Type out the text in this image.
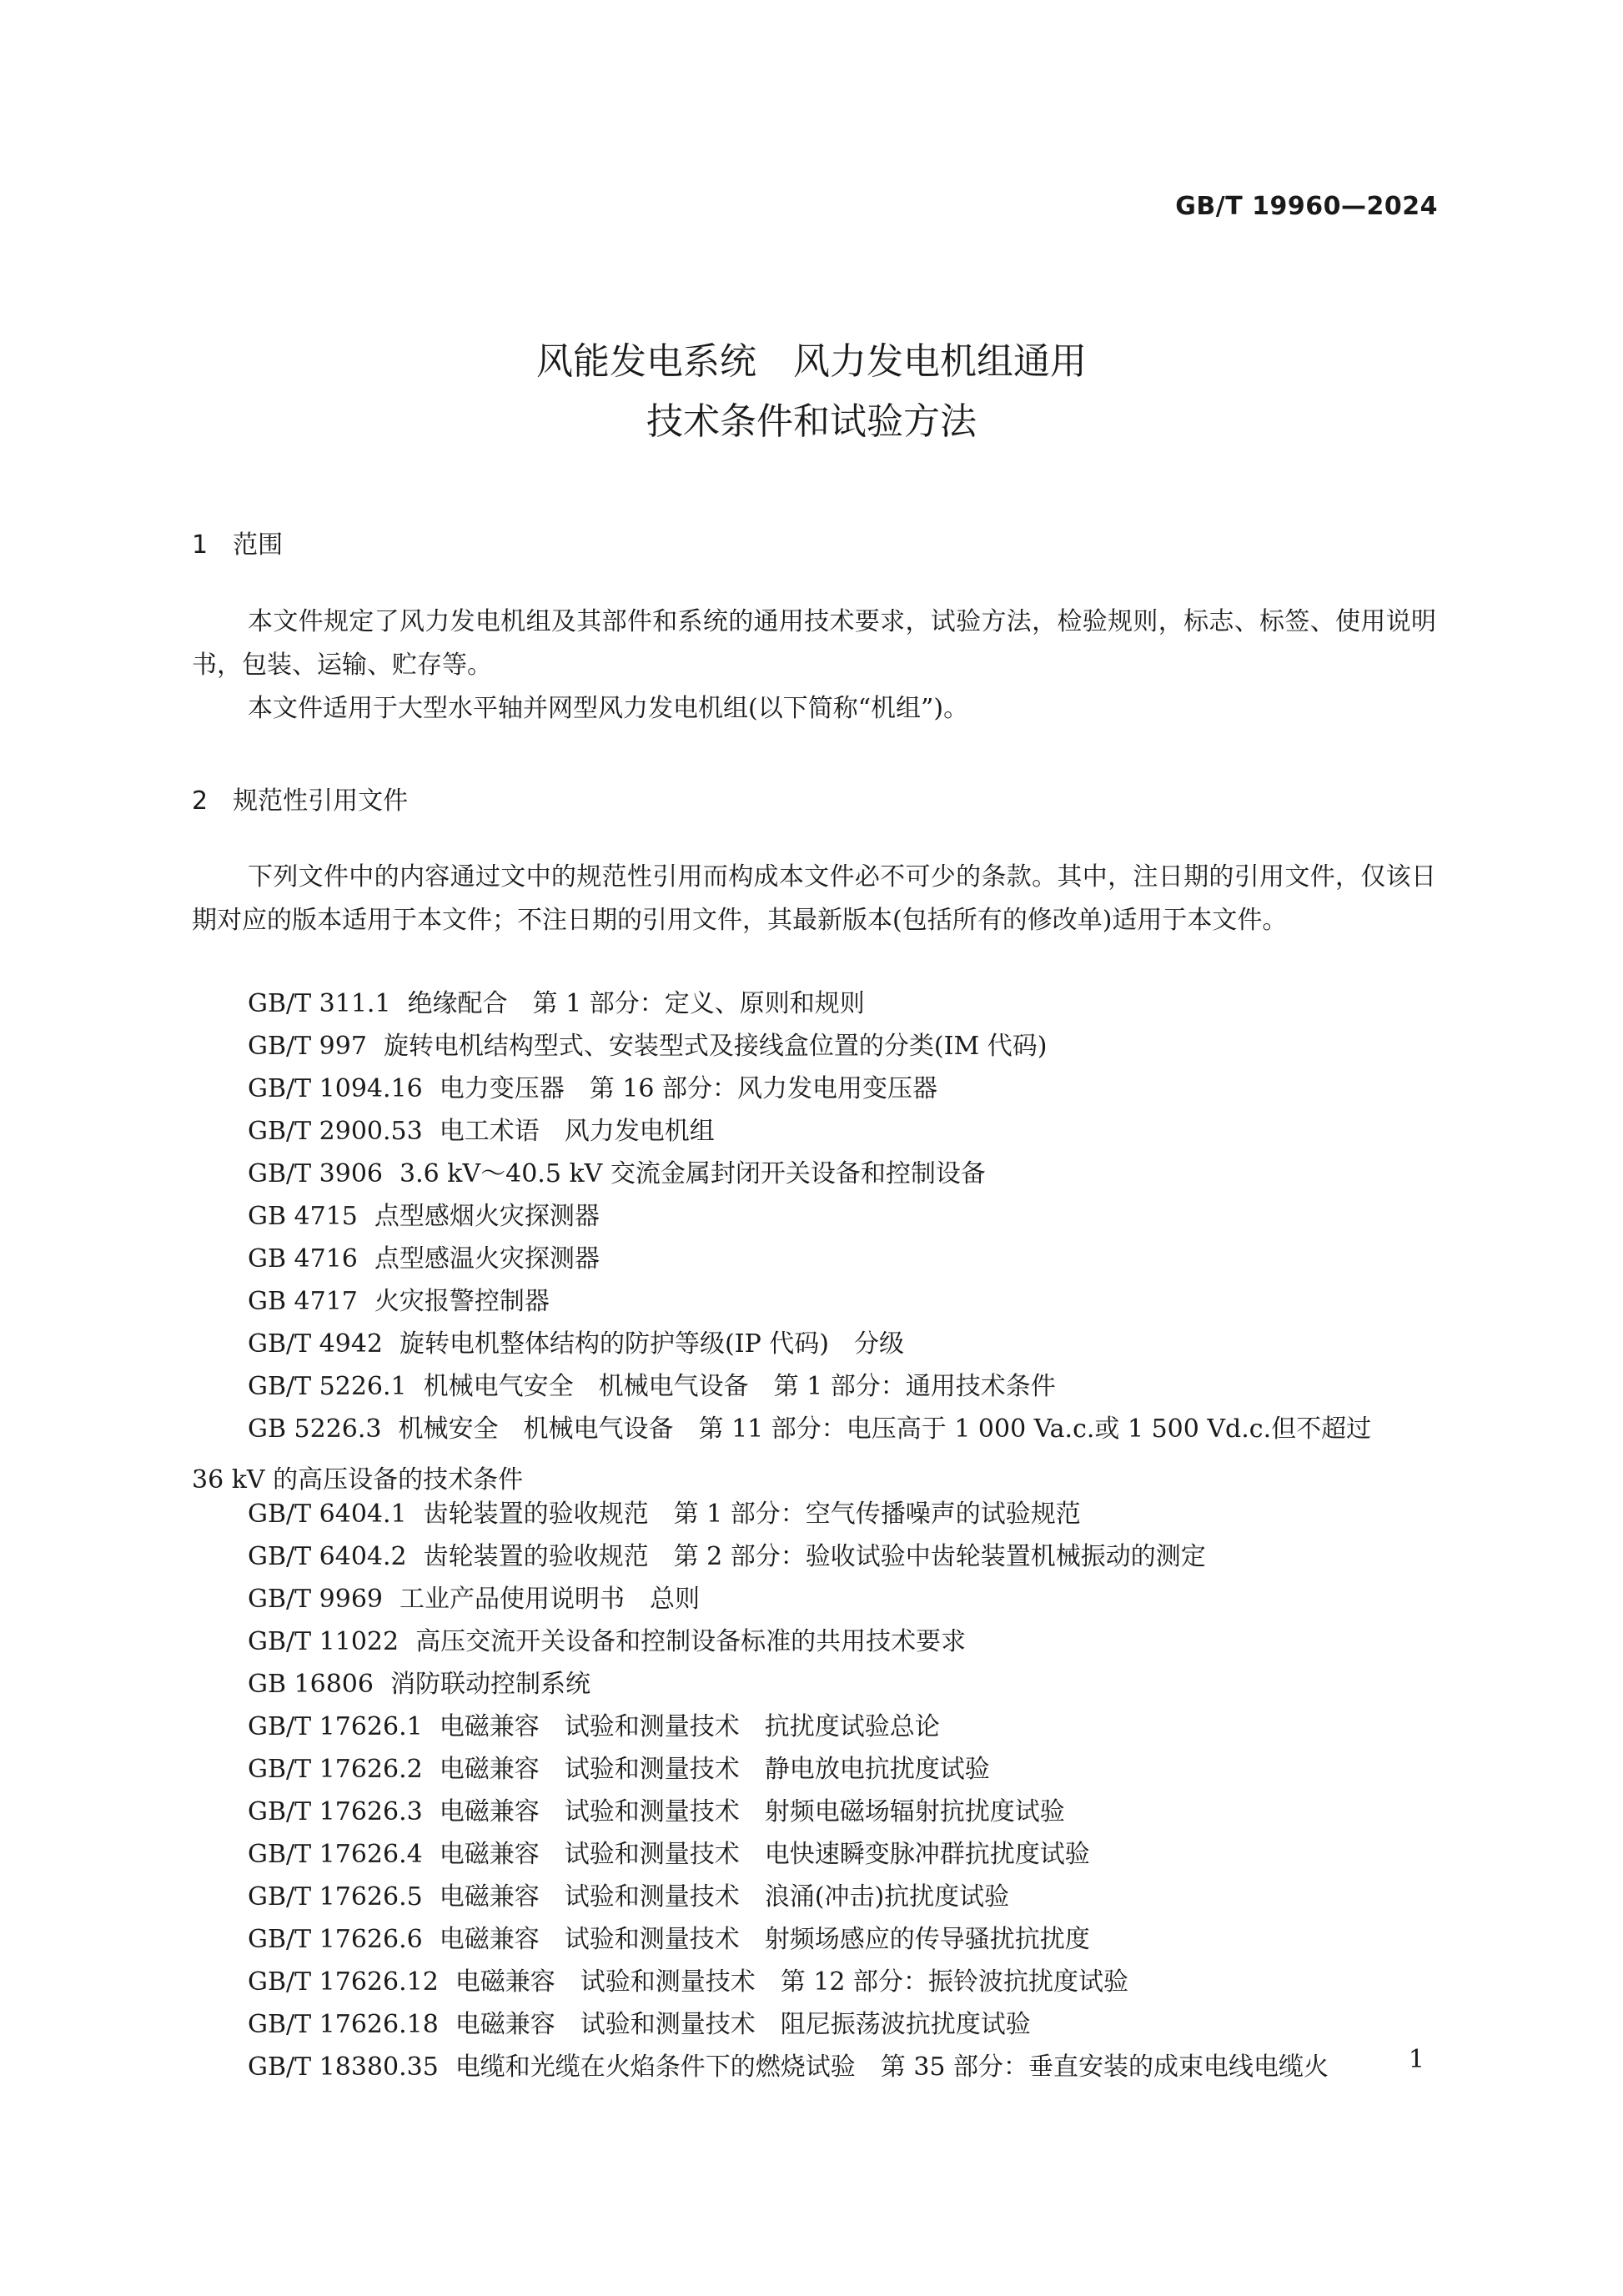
GB/T 19960—2024
风能发电系统　风力发电机组通用
技术条件和试验方法
1　范围
本文件规定了风力发电机组及其部件和系统的通用技术要求，试验方法，检验规则，标志、标签、使用说明书，包装、运输、贮存等。
本文件适用于大型水平轴并网型风力发电机组(以下简称“机组”)。
2　规范性引用文件
下列文件中的内容通过文中的规范性引用而构成本文件必不可少的条款。其中，注日期的引用文件，仅该日期对应的版本适用于本文件；不注日期的引用文件，其最新版本(包括所有的修改单)适用于本文件。
GB/T 311.1 绝缘配合　第 1 部分：定义、原则和规则
GB/T 997 旋转电机结构型式、安装型式及接线盒位置的分类(IM 代码)
GB/T 1094.16 电力变压器　第 16 部分：风力发电用变压器
GB/T 2900.53 电工术语　风力发电机组
GB/T 3906 3.6 kV～40.5 kV 交流金属封闭开关设备和控制设备
GB 4715 点型感烟火灾探测器
GB 4716 点型感温火灾探测器
GB 4717 火灾报警控制器
GB/T 4942 旋转电机整体结构的防护等级(IP 代码)　分级
GB/T 5226.1 机械电气安全　机械电气设备　第 1 部分：通用技术条件
GB 5226.3 机械安全　机械电气设备　第 11 部分：电压高于 1 000 Va.c.或 1 500 Vd.c.但不超过
36 kV 的高压设备的技术条件
GB/T 6404.1 齿轮装置的验收规范　第 1 部分：空气传播噪声的试验规范
GB/T 6404.2 齿轮装置的验收规范　第 2 部分：验收试验中齿轮装置机械振动的测定
GB/T 9969 工业产品使用说明书　总则
GB/T 11022 高压交流开关设备和控制设备标准的共用技术要求
GB 16806 消防联动控制系统
GB/T 17626.1 电磁兼容　试验和测量技术　抗扰度试验总论
GB/T 17626.2 电磁兼容　试验和测量技术　静电放电抗扰度试验
GB/T 17626.3 电磁兼容　试验和测量技术　射频电磁场辐射抗扰度试验
GB/T 17626.4 电磁兼容　试验和测量技术　电快速瞬变脉冲群抗扰度试验
GB/T 17626.5 电磁兼容　试验和测量技术　浪涌(冲击)抗扰度试验
GB/T 17626.6 电磁兼容　试验和测量技术　射频场感应的传导骚扰抗扰度
GB/T 17626.12 电磁兼容　试验和测量技术　第 12 部分：振铃波抗扰度试验
GB/T 17626.18 电磁兼容　试验和测量技术　阻尼振荡波抗扰度试验
GB/T 18380.35 电缆和光缆在火焰条件下的燃烧试验　第 35 部分：垂直安装的成束电线电缆火	1
